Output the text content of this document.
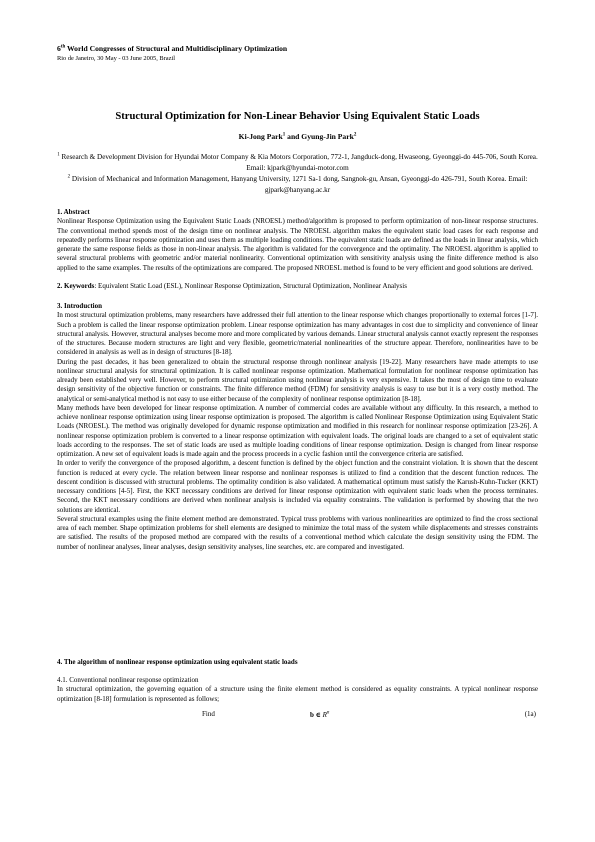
6th World Congresses of Structural and Multidisciplinary Optimization
Rio de Janeiro, 30 May - 03 June 2005, Brazil
Structural Optimization for Non-Linear Behavior Using Equivalent Static Loads
Ki-Jong Park$^1$ and Gyung-Jin Park$^2$
$^1$ Research & Development Division for Hyundai Motor Company & Kia Motors Corporation, 772-1, Jangduck-dong, Hwaseong, Gyeonggi-do 445-706, South Korea. Email: kjpark@hyundai-motor.com
$^2$ Division of Mechanical and Information Management, Hanyang University, 1271 Sa-1 dong, Sangnok-gu, Ansan, Gyeonggi-do 426-791, South Korea. Email: gjpark@hanyang.ac.kr
1. Abstract
Nonlinear Response Optimization using the Equivalent Static Loads (NROESL) method/algorithm is proposed to perform optimization of non-linear response structures. The conventional method spends most of the design time on nonlinear analysis. The NROESL algorithm makes the equivalent static load cases for each response and repeatedly performs linear response optimization and uses them as multiple loading conditions. The equivalent static loads are defined as the loads in linear analysis, which generate the same response fields as those in non-linear analysis. The algorithm is validated for the convergence and the optimality. The NROESL algorithm is applied to several structural problems with geometric and/or material nonlinearity. Conventional optimization with sensitivity analysis using the finite difference method is also applied to the same examples. The results of the optimizations are compared. The proposed NROESL method is found to be very efficient and good solutions are derived.
2. Keywords: Equivalent Static Load (ESL), Nonlinear Response Optimization, Structural Optimization, Nonlinear Analysis
3. Introduction
In most structural optimization problems, many researchers have addressed their full attention to the linear response which changes proportionally to external forces [1-7]. Such a problem is called the linear response optimization problem. Linear response optimization has many advantages in cost due to simplicity and convenience of linear structural analysis. However, structural analyses become more and more complicated by various demands. Linear structural analysis cannot exactly represent the responses of the structures. Because modern structures are light and very flexible, geometric/material nonlinearities of the structure appear. Therefore, nonlinearities have to be considered in analysis as well as in design of structures [8-18].
During the past decades, it has been generalized to obtain the structural response through nonlinear analysis [19-22]. Many researchers have made attempts to use nonlinear structural analysis for structural optimization. It is called nonlinear response optimization. Mathematical formulation for nonlinear response optimization has already been established very well. However, to perform structural optimization using nonlinear analysis is very expensive. It takes the most of design time to evaluate design sensitivity of the objective function or constraints. The finite difference method (FDM) for sensitivity analysis is easy to use but it is a very costly method. The analytical or semi-analytical method is not easy to use either because of the complexity of nonlinear response optimization [8-18].
Many methods have been developed for linear response optimization. A number of commercial codes are available without any difficulty. In this research, a method to achieve nonlinear response optimization using linear response optimization is proposed. The algorithm is called Nonlinear Response Optimization using Equivalent Static Loads (NROESL). The method was originally developed for dynamic response optimization and modified in this research for nonlinear response optimization [23-26]. A nonlinear response optimization problem is converted to a linear response optimization with equivalent loads. The original loads are changed to a set of equivalent static loads according to the responses. The set of static loads are used as multiple loading conditions of linear response optimization. Design is changed from linear response optimization. A new set of equivalent loads is made again and the process proceeds in a cyclic fashion until the convergence criteria are satisfied.
In order to verify the convergence of the proposed algorithm, a descent function is defined by the object function and the constraint violation. It is shown that the descent function is reduced at every cycle. The relation between linear response and nonlinear responses is utilized to find a condition that the descent function reduces. The descent condition is discussed with structural problems. The optimality condition is also validated. A mathematical optimum must satisfy the Karush-Kuhn-Tucker (KKT) necessary conditions [4-5]. First, the KKT necessary conditions are derived for linear response optimization with equivalent static loads when the process terminates. Second, the KKT necessary conditions are derived when nonlinear analysis is included via equality constraints. The validation is performed by showing that the two solutions are identical.
Several structural examples using the finite element method are demonstrated. Typical truss problems with various nonlinearities are optimized to find the cross sectional area of each member. Shape optimization problems for shell elements are designed to minimize the total mass of the system while displacements and stresses constraints are satisfied. The results of the proposed method are compared with the results of a conventional method which calculate the design sensitivity using the FDM. The number of nonlinear analyses, linear analyses, design sensitivity analyses, line searches, etc. are compared and investigated.
4. The algorithm of nonlinear response optimization using equivalent static loads
4.1. Conventional nonlinear response optimization
In structural optimization, the governing equation of a structure using the finite element method is considered as equality constraints. A typical nonlinear response optimization [8-18] formulation is represented as follows;
Find	b ∈ $R^n$	(1a)
